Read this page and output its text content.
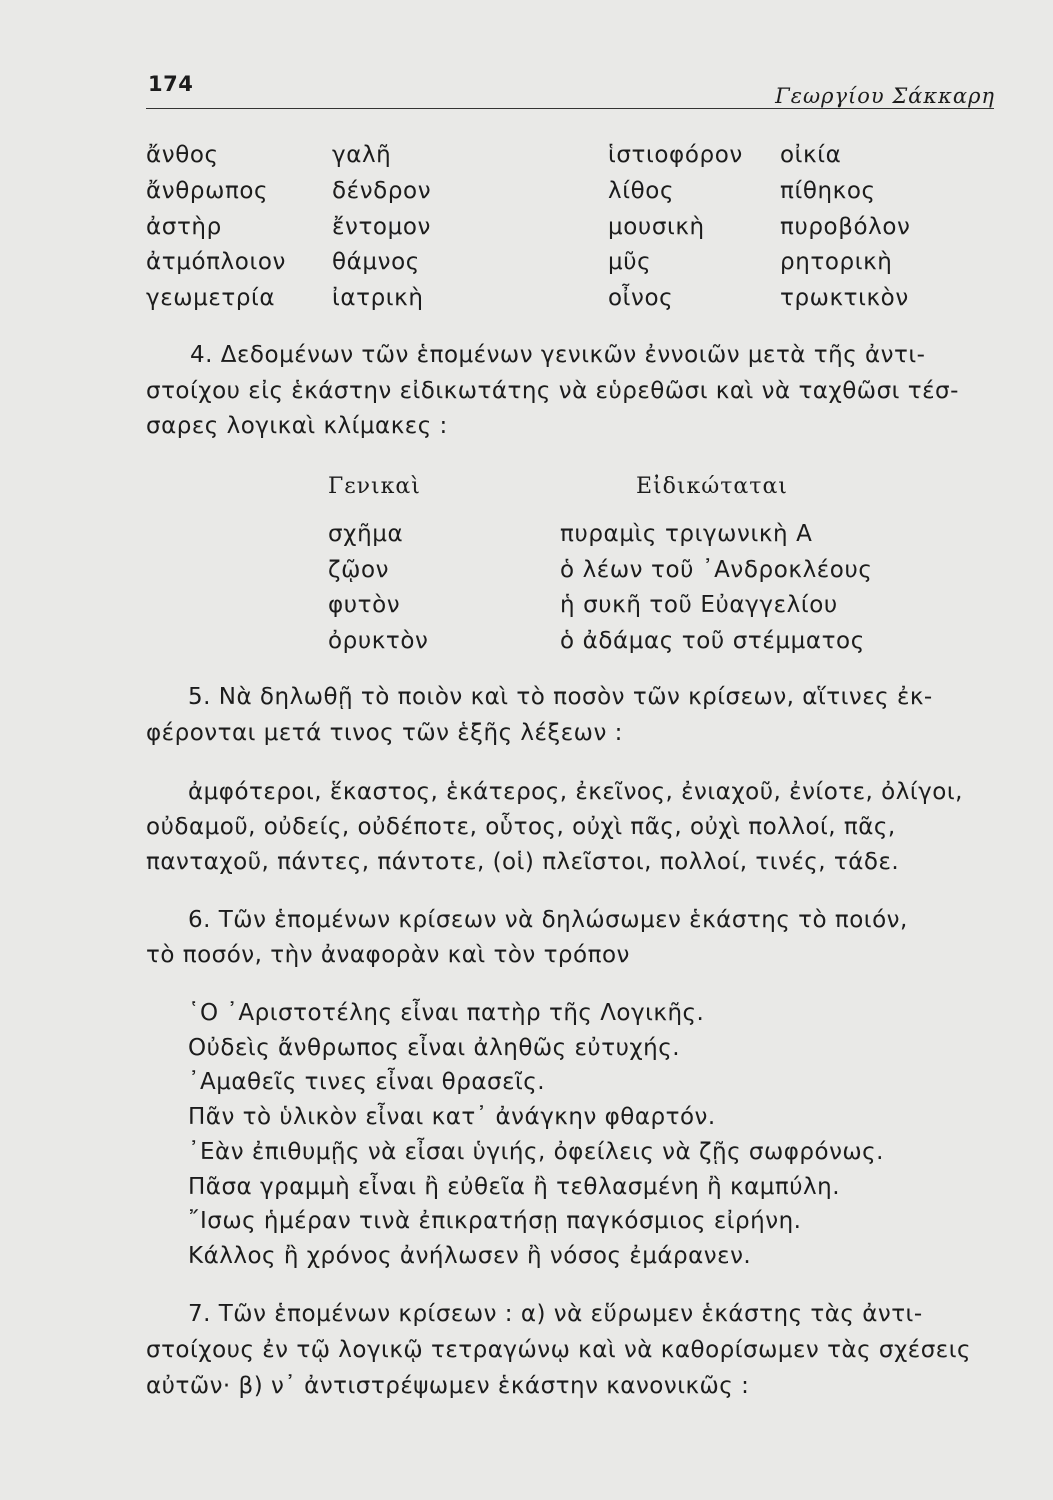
174	Γεωργίου Σάκκαρη
ἄνθος
ἄνθρωπος
ἀστὴρ
ἀτμόπλοιον
γεωμετρία
γαλῆ
δένδρον
ἔντομον
θάμνος
ἰατρικὴ
ἱστιοφόρον
λίθος
μουσικὴ
μῦς
οἶνος
οἰκία
πίθηκος
πυροβόλον
ρητορικὴ
τρωκτικὸν
4. Δεδομένων τῶν ἑπομένων γενικῶν ἐννοιῶν μετὰ τῆς ἀντι-
στοίχου εἰς ἑκάστην εἰδικωτάτης νὰ εὑρεθῶσι καὶ νὰ ταχθῶσι τέσ-
σαρες λογικαὶ κλίμακες :
Γενικαὶ	Εἰδικώταται
σχῆμα
ζῷον
φυτὸν
ὀρυκτὸν
πυραμὶς τριγωνικὴ Α
ὁ λέων τοῦ ᾿Ανδροκλέους
ἡ συκῆ τοῦ Εὐαγγελίου
ὁ ἀδάμας τοῦ στέμματος
5. Νὰ δηλωθῇ τὸ ποιὸν καὶ τὸ ποσὸν τῶν κρίσεων, αἵτινες ἐκ-
φέρονται μετά τινος τῶν ἑξῆς λέξεων :
ἀμφότεροι, ἕκαστος, ἑκάτερος, ἐκεῖνος, ἐνιαχοῦ, ἐνίοτε, ὀλίγοι,
οὐδαμοῦ, οὐδείς, οὐδέποτε, οὗτος, οὐχὶ πᾶς, οὐχὶ πολλοί, πᾶς,
πανταχοῦ, πάντες, πάντοτε, (οἱ) πλεῖστοι, πολλοί, τινές, τάδε.
6. Τῶν ἑπομένων κρίσεων νὰ δηλώσωμεν ἑκάστης τὸ ποιόν,
τὸ ποσόν, τὴν ἀναφορὰν καὶ τὸν τρόπον
῾Ο ᾿Αριστοτέλης εἶναι πατὴρ τῆς Λογικῆς.
Οὐδεὶς ἄνθρωπος εἶναι ἀληθῶς εὐτυχής.
᾿Αμαθεῖς τινες εἶναι θρασεῖς.
Πᾶν τὸ ὑλικὸν εἶναι κατ᾿ ἀνάγκην φθαρτόν.
᾿Εὰν ἐπιθυμῇς νὰ εἶσαι ὑγιής, ὀφείλεις νὰ ζῇς σωφρόνως.
Πᾶσα γραμμὴ εἶναι ἢ εὐθεῖα ἢ τεθλασμένη ἢ καμπύλη.
῎Ισως ἡμέραν τινὰ ἐπικρατήσῃ παγκόσμιος εἰρήνη.
Κάλλος ἢ χρόνος ἀνήλωσεν ἢ νόσος ἐμάρανεν.
7. Τῶν ἑπομένων κρίσεων : α) νὰ εὕρωμεν ἑκάστης τὰς ἀντι-
στοίχους ἐν τῷ λογικῷ τετραγώνῳ καὶ νὰ καθορίσωμεν τὰς σχέσεις
αὐτῶν· β) ν᾿ ἀντιστρέψωμεν ἑκάστην κανονικῶς :
